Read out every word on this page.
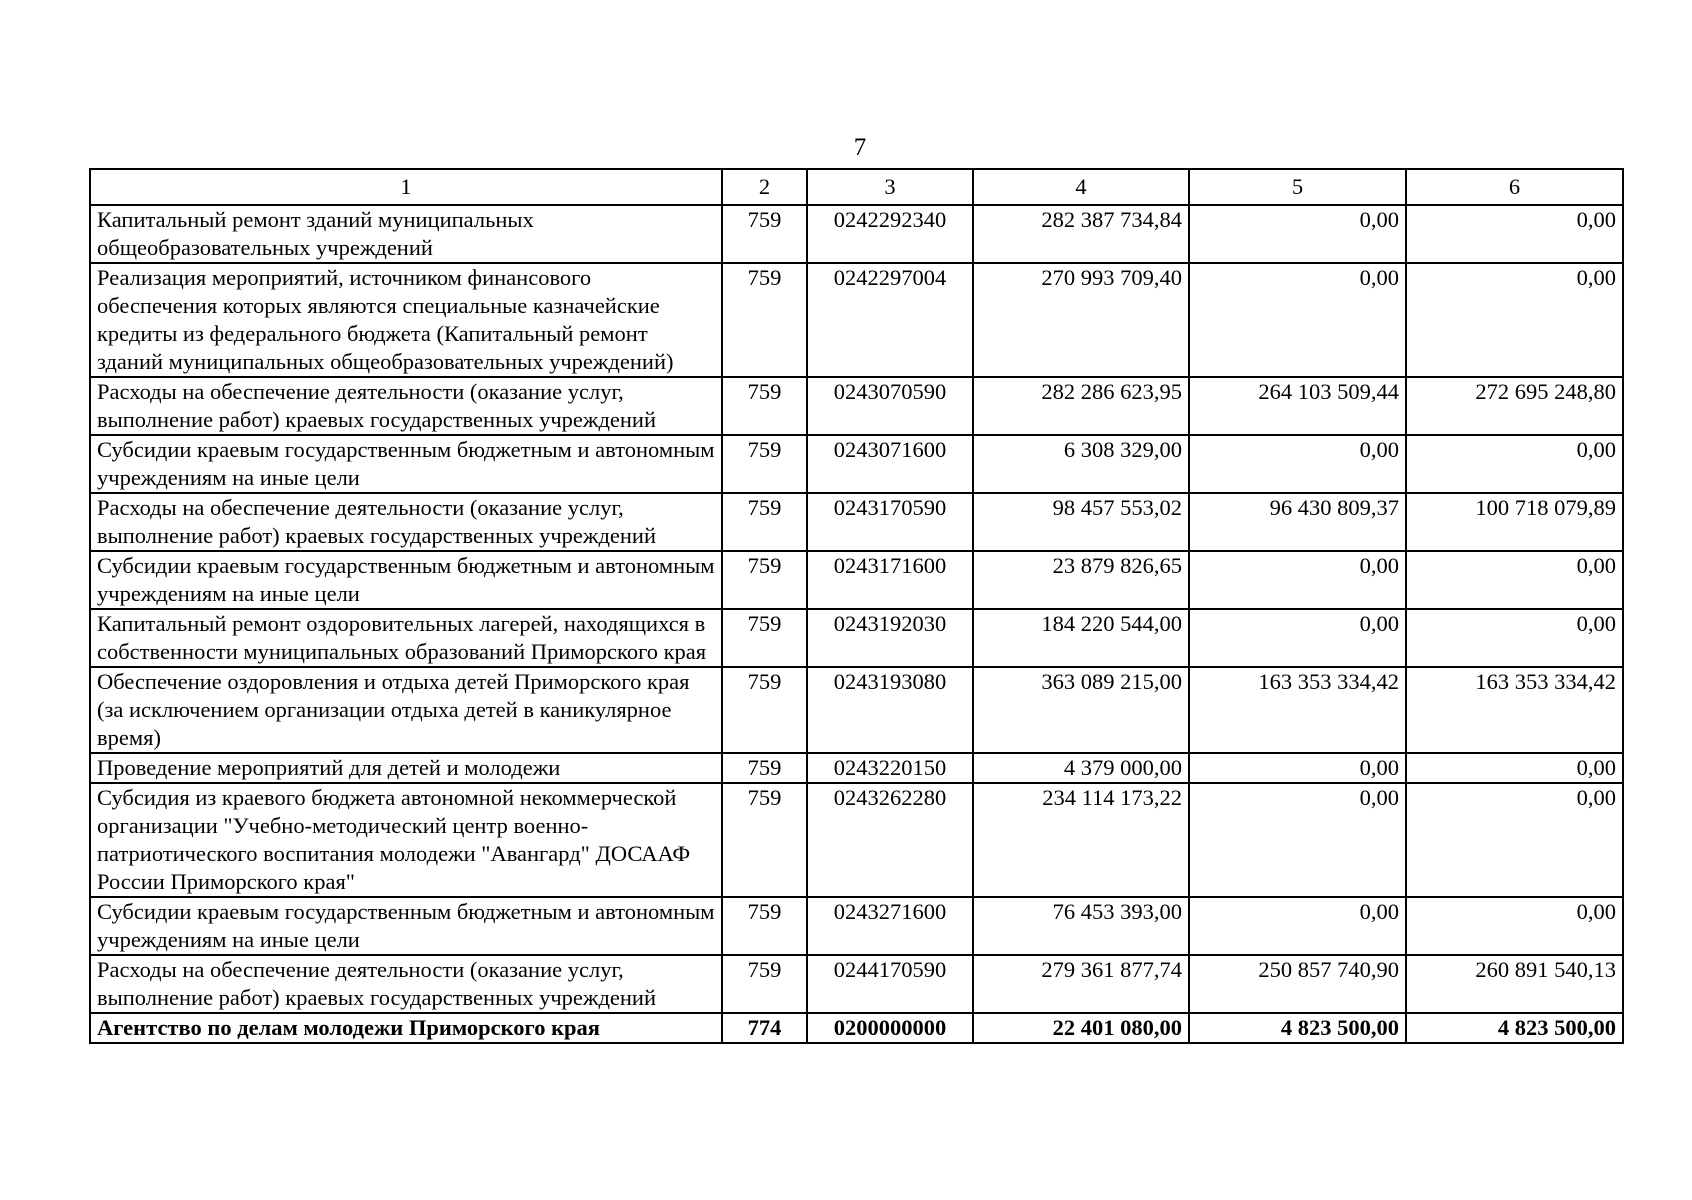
7
1	2	3	4	5	6
Капитальный ремонт зданий муниципальных общеобразовательных учреждений	759	0242292340	282 387 734,84	0,00	0,00
Реализация мероприятий, источником финансового обеспечения которых являются специальные казначейские кредиты из федерального бюджета (Капитальный ремонт зданий муниципальных общеобразовательных учреждений)	759	0242297004	270 993 709,40	0,00	0,00
Расходы на обеспечение деятельности (оказание услуг, выполнение работ) краевых государственных учреждений	759	0243070590	282 286 623,95	264 103 509,44	272 695 248,80
Субсидии краевым государственным бюджетным и автономным учреждениям на иные цели	759	0243071600	6 308 329,00	0,00	0,00
Расходы на обеспечение деятельности (оказание услуг, выполнение работ) краевых государственных учреждений	759	0243170590	98 457 553,02	96 430 809,37	100 718 079,89
Субсидии краевым государственным бюджетным и автономным учреждениям на иные цели	759	0243171600	23 879 826,65	0,00	0,00
Капитальный ремонт оздоровительных лагерей, находящихся в собственности муниципальных образований Приморского края	759	0243192030	184 220 544,00	0,00	0,00
Обеспечение оздоровления и отдыха детей Приморского края (за исключением организации отдыха детей в каникулярное время)	759	0243193080	363 089 215,00	163 353 334,42	163 353 334,42
Проведение мероприятий для детей и молодежи	759	0243220150	4 379 000,00	0,00	0,00
Субсидия из краевого бюджета автономной некоммерческой организации "Учебно-методический центр военно-патриотического воспитания молодежи "Авангард" ДОСААФ России Приморского края"	759	0243262280	234 114 173,22	0,00	0,00
Субсидии краевым государственным бюджетным и автономным учреждениям на иные цели	759	0243271600	76 453 393,00	0,00	0,00
Расходы на обеспечение деятельности (оказание услуг, выполнение работ) краевых государственных учреждений	759	0244170590	279 361 877,74	250 857 740,90	260 891 540,13
Агентство по делам молодежи Приморского края	774	0200000000	22 401 080,00	4 823 500,00	4 823 500,00
